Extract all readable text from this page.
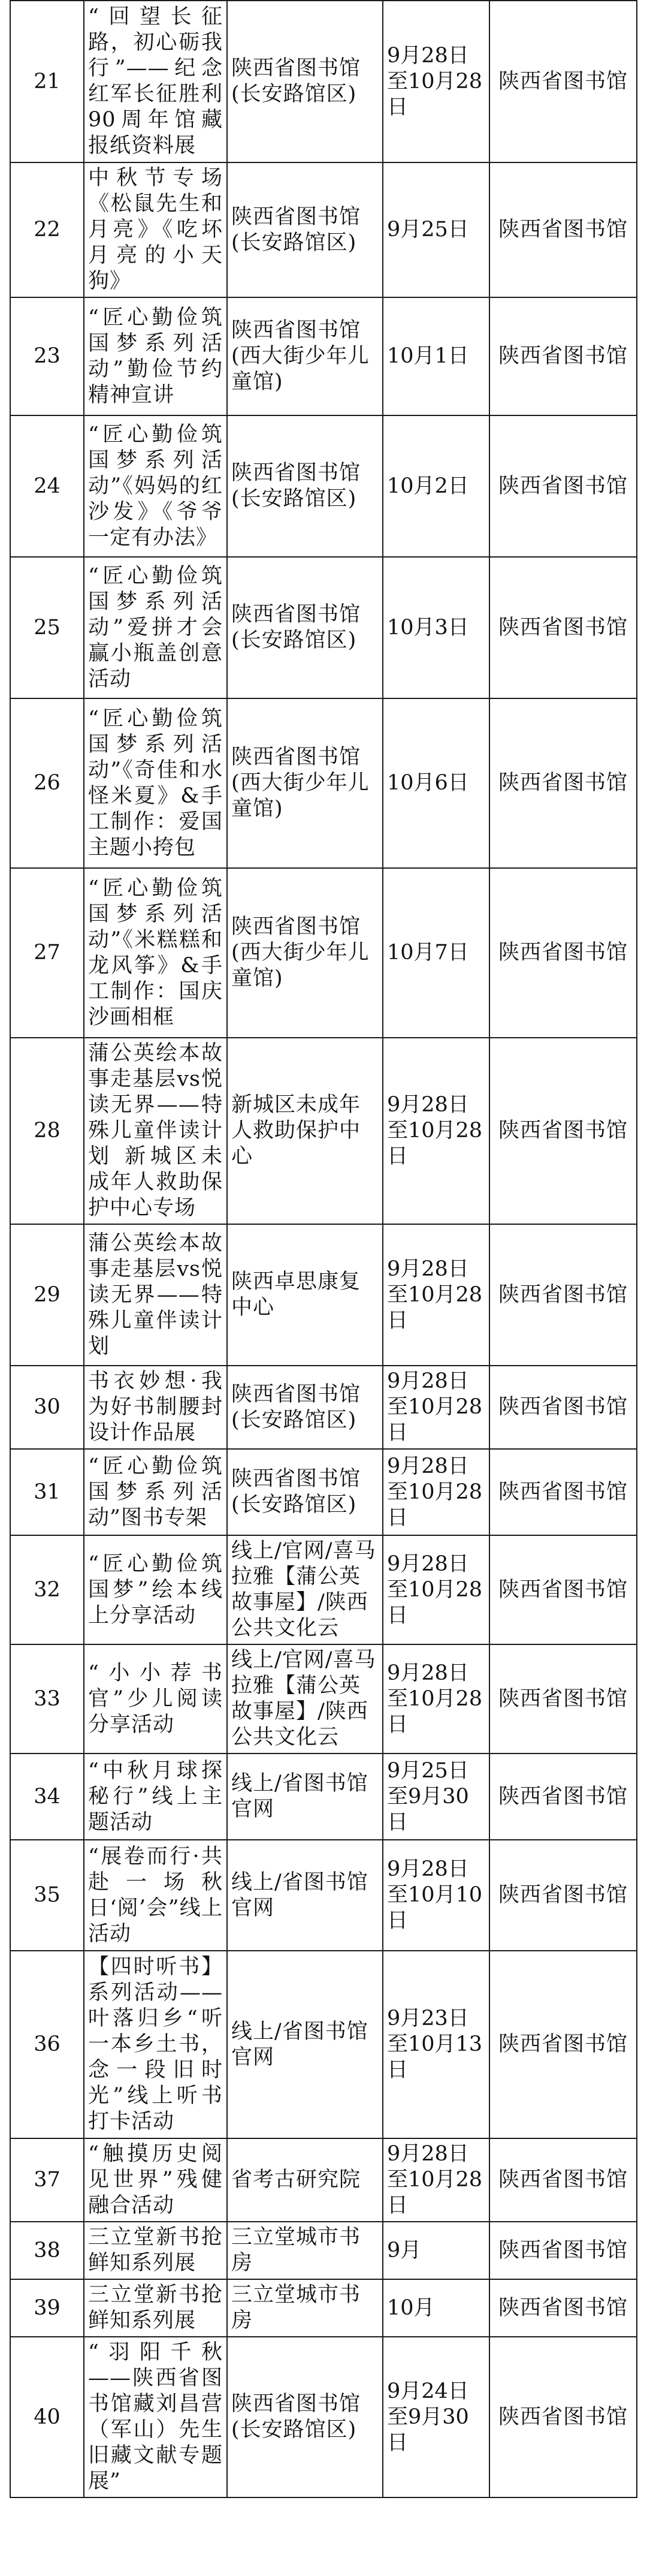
21	“回望长征路，初心砺我行”——纪念红军长征胜利90周年馆藏报纸资料展	陕西省图书馆(长安路馆区)	9月28日至10月28日	陕西省图书馆
22	中秋节专场《松鼠先生和月亮》《吃坏月亮的小天狗》	陕西省图书馆(长安路馆区)	9月25日	陕西省图书馆
23	“匠心勤俭筑国梦系列活动”勤俭节约精神宣讲	陕西省图书馆(西大街少年儿童馆)	10月1日	陕西省图书馆
24	“匠心勤俭筑国梦系列活动”《妈妈的红沙发》《爷爷一定有办法》	陕西省图书馆(长安路馆区)	10月2日	陕西省图书馆
25	“匠心勤俭筑国梦系列活动”爱拼才会赢小瓶盖创意活动	陕西省图书馆(长安路馆区)	10月3日	陕西省图书馆
26	“匠心勤俭筑国梦系列活动”《奇佳和水怪米夏》&手工制作：爱国主题小挎包	陕西省图书馆(西大街少年儿童馆)	10月6日	陕西省图书馆
27	“匠心勤俭筑国梦系列活动”《米糕糕和龙风筝》&手工制作：国庆沙画相框	陕西省图书馆(西大街少年儿童馆)	10月7日	陕西省图书馆
28	蒲公英绘本故事走基层vs悦读无界——特殊儿童伴读计划 新城区未成年人救助保护中心专场	新城区未成年人救助保护中心	9月28日至10月28日	陕西省图书馆
29	蒲公英绘本故事走基层vs悦读无界——特殊儿童伴读计划	陕西卓思康复中心	9月28日至10月28日	陕西省图书馆
30	书衣妙想·我为好书制腰封设计作品展	陕西省图书馆(长安路馆区)	9月28日至10月28日	陕西省图书馆
31	“匠心勤俭筑国梦系列活动”图书专架	陕西省图书馆(长安路馆区)	9月28日至10月28日	陕西省图书馆
32	“匠心勤俭筑国梦”绘本线上分享活动	线上/官网/喜马拉雅【蒲公英故事屋】/陕西公共文化云	9月28日至10月28日	陕西省图书馆
33	“小小荐书官”少儿阅读分享活动	线上/官网/喜马拉雅【蒲公英故事屋】/陕西公共文化云	9月28日至10月28日	陕西省图书馆
34	“中秋月球探秘行”线上主题活动	线上/省图书馆官网	9月25日至9月30日	陕西省图书馆
35	“展卷而行·共赴一场秋日‘阅’会”线上活动	线上/省图书馆官网	9月28日至10月10日	陕西省图书馆
36	【四时听书】系列活动——叶落归乡“听一本乡土书，念一段旧时光”线上听书打卡活动	线上/省图书馆官网	9月23日至10月13日	陕西省图书馆
37	“触摸历史阅见世界”残健融合活动	省考古研究院	9月28日至10月28日	陕西省图书馆
38	三立堂新书抢鲜知系列展	三立堂城市书房	9月	陕西省图书馆
39	三立堂新书抢鲜知系列展	三立堂城市书房	10月	陕西省图书馆
40	“羽阳千秋——陕西省图书馆藏刘昌营（军山）先生旧藏文献专题展”	陕西省图书馆(长安路馆区)	9月24日至9月30日	陕西省图书馆
